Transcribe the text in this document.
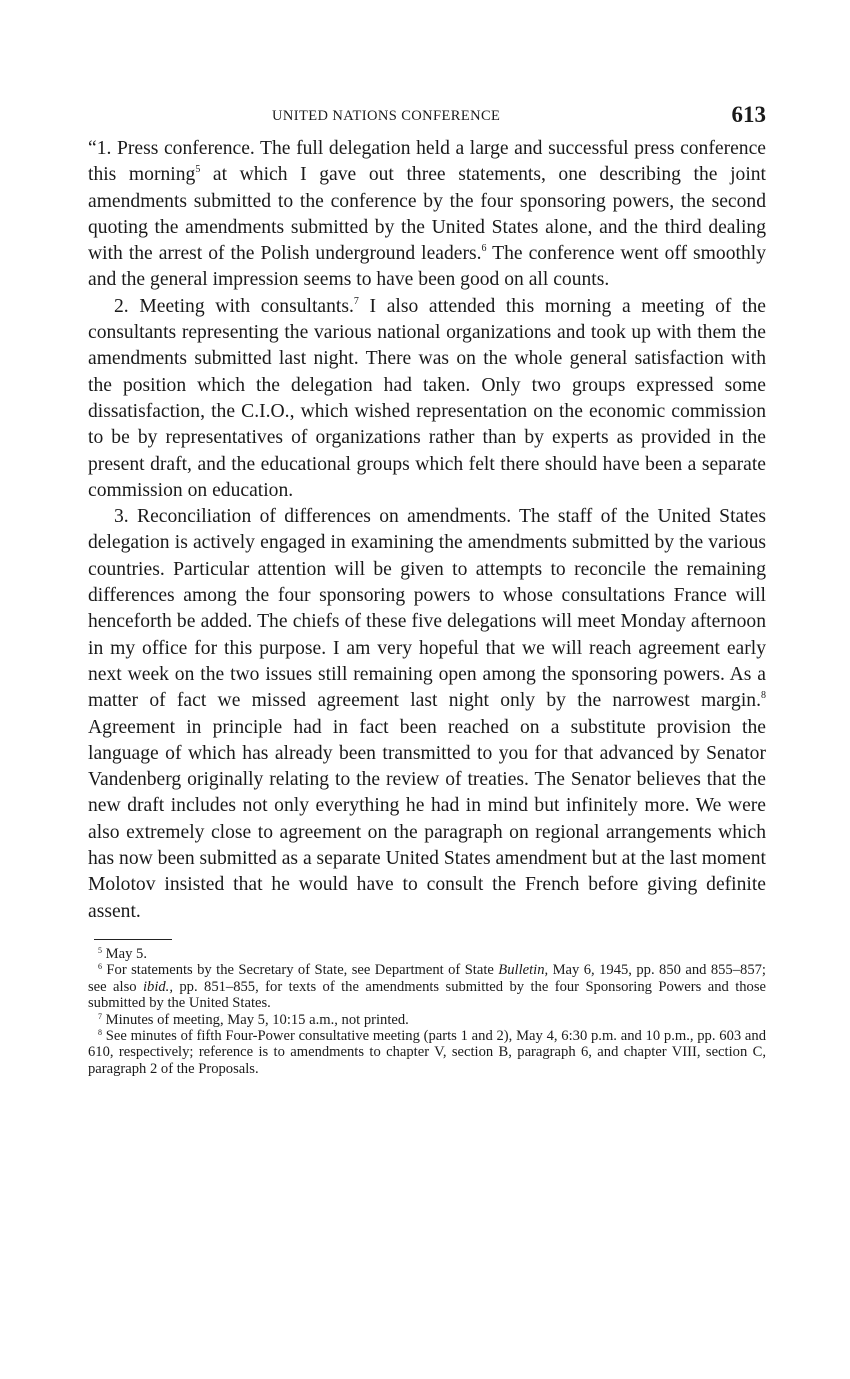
UNITED NATIONS CONFERENCE	613

“1. Press conference. The full delegation held a large and successful press conference this morning$^5$ at which I gave out three statements, one describing the joint amendments submitted to the conference by the four sponsoring powers, the second quoting the amendments submitted by the United States alone, and the third dealing with the arrest of the Polish underground leaders.$^6$ The conference went off smoothly and the general impression seems to have been good on all counts.

2. Meeting with consultants.$^7$ I also attended this morning a meeting of the consultants representing the various national organizations and took up with them the amendments submitted last night. There was on the whole general satisfaction with the position which the delegation had taken. Only two groups expressed some dissatisfaction, the C.I.O., which wished representation on the economic commission to be by representatives of organizations rather than by experts as provided in the present draft, and the educational groups which felt there should have been a separate commission on education.

3. Reconciliation of differences on amendments. The staff of the United States delegation is actively engaged in examining the amendments submitted by the various countries. Particular attention will be given to attempts to reconcile the remaining differences among the four sponsoring powers to whose consultations France will henceforth be added. The chiefs of these five delegations will meet Monday afternoon in my office for this purpose. I am very hopeful that we will reach agreement early next week on the two issues still remaining open among the sponsoring powers. As a matter of fact we missed agreement last night only by the narrowest margin.$^8$ Agreement in principle had in fact been reached on a substitute provision the language of which has already been transmitted to you for that advanced by Senator Vandenberg originally relating to the review of treaties. The Senator believes that the new draft includes not only everything he had in mind but infinitely more. We were also extremely close to agreement on the paragraph on regional arrangements which has now been submitted as a separate United States amendment but at the last moment Molotov insisted that he would have to consult the French before giving definite assent.

$^5$ May 5.

$^6$ For statements by the Secretary of State, see Department of State Bulletin, May 6, 1945, pp. 850 and 855–857; see also ibid., pp. 851–855, for texts of the amendments submitted by the four Sponsoring Powers and those submitted by the United States.

$^7$ Minutes of meeting, May 5, 10:15 a.m., not printed.

$^8$ See minutes of fifth Four-Power consultative meeting (parts 1 and 2), May 4, 6:30 p.m. and 10 p.m., pp. 603 and 610, respectively; reference is to amendments to chapter V, section B, paragraph 6, and chapter VIII, section C, paragraph 2 of the Proposals.
